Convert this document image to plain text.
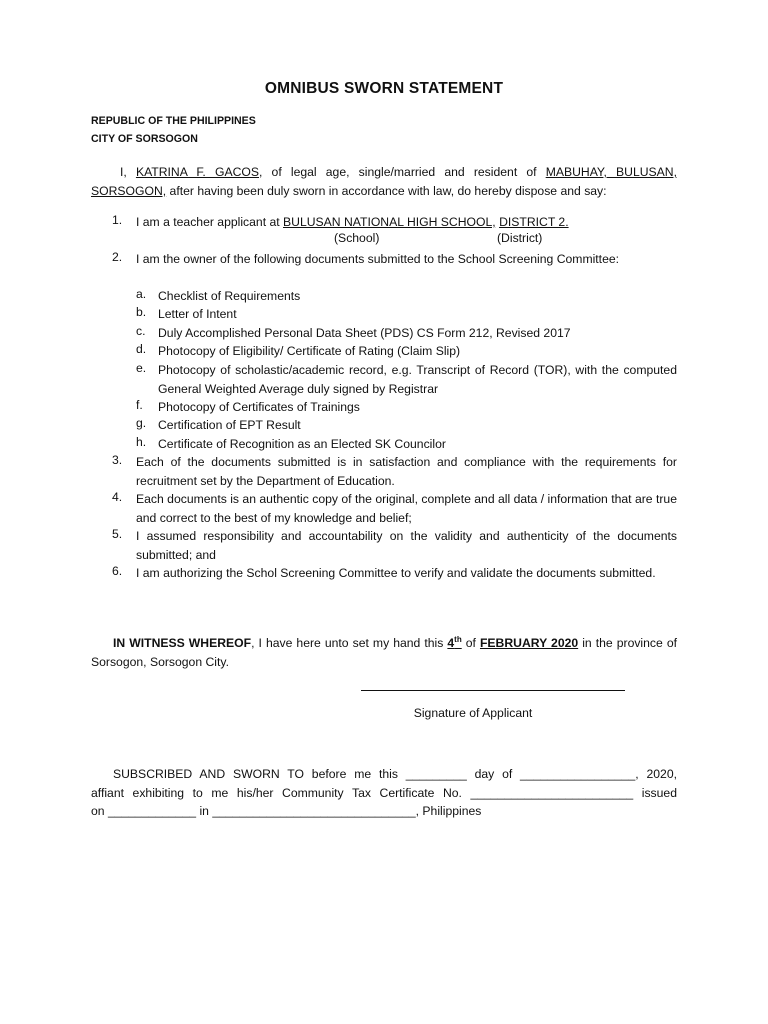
OMNIBUS SWORN STATEMENT
REPUBLIC OF THE PHILIPPINES
CITY OF SORSOGON
I, KATRINA F. GACOS, of legal age, single/married and resident of MABUHAY, BULUSAN,
SORSOGON, after having been duly sworn in accordance with law, do hereby dispose and say:
1.	I am a teacher applicant at BULUSAN NATIONAL HIGH SCHOOL, DISTRICT 2.
(School)	(District)
2.	I am the owner of the following documents submitted to the School Screening Committee:
a. Checklist of Requirements
b. Letter of Intent
c.	Duly Accomplished Personal Data Sheet (PDS) CS Form 212, Revised 2017
d. Photocopy of Eligibility/ Certificate of Rating (Claim Slip)
e. Photocopy of scholastic/academic record, e.g. Transcript of Record (TOR), with the computed General Weighted Average duly signed by Registrar
f.	Photocopy of Certificates of Trainings
g. Certification of EPT Result
h. Certificate of Recognition as an Elected SK Councilor
3.	Each of the documents submitted is in satisfaction and compliance with the requirements for recruitment set by the Department of Education.
4.	Each documents is an authentic copy of the original, complete and all data / information that are true and correct to the best of my knowledge and belief;
5.	I assumed responsibility and accountability on the validity and authenticity of the documents submitted; and
6.	I am authorizing the Schol Screening Committee to verify and validate the documents submitted.
IN WITNESS WHEREOF, I have here unto set my hand this 4th of FEBRUARY 2020 in the province of Sorsogon, Sorsogon City.
Signature of Applicant
SUBSCRIBED AND SWORN TO before me this _________ day of _________________, 2020,
affiant exhibiting to me his/her Community Tax Certificate No. ________________________ issued
on _____________ in ______________________________, Philippines
